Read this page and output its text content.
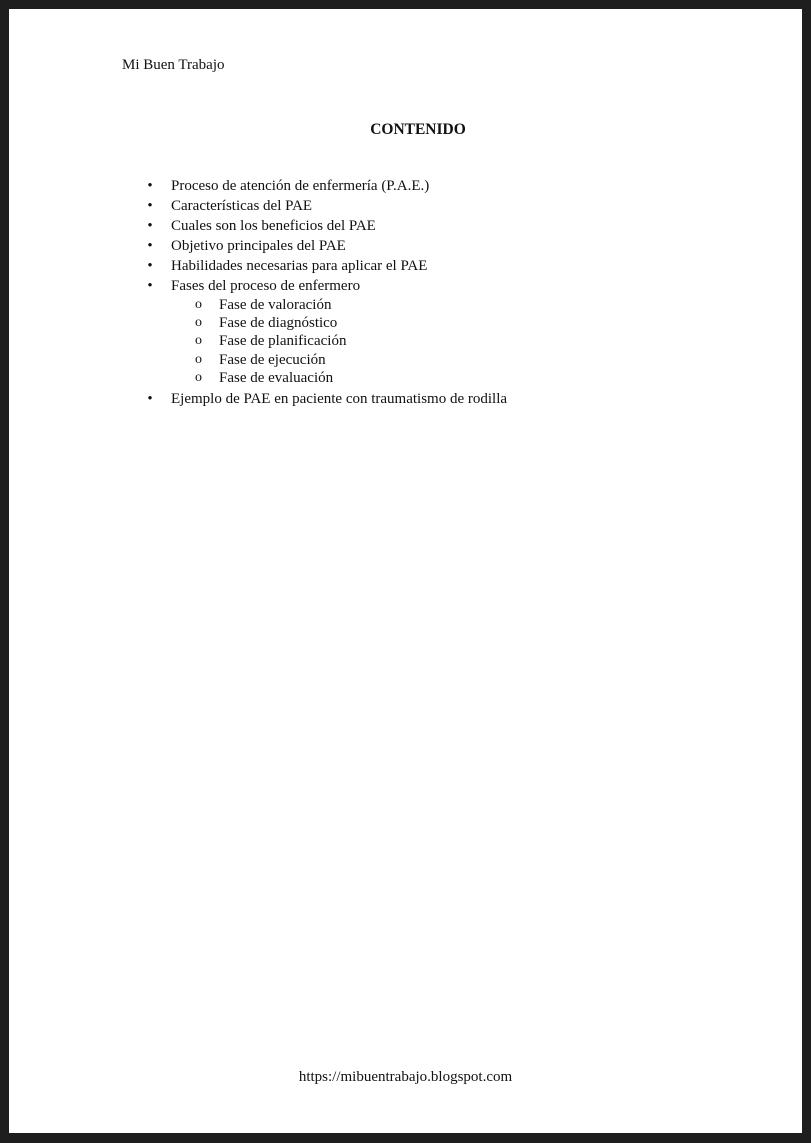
Mi Buen Trabajo
CONTENIDO
• Proceso de atención de enfermería (P.A.E.)
• Características del PAE
• Cuales son los beneficios del PAE
• Objetivo principales del PAE
• Habilidades necesarias para aplicar el PAE
• Fases del proceso de enfermero
o Fase de valoración
o Fase de diagnóstico
o Fase de planificación
o Fase de ejecución
o Fase de evaluación
• Ejemplo de PAE en paciente con traumatismo de rodilla
https://mibuentrabajo.blogspot.com
